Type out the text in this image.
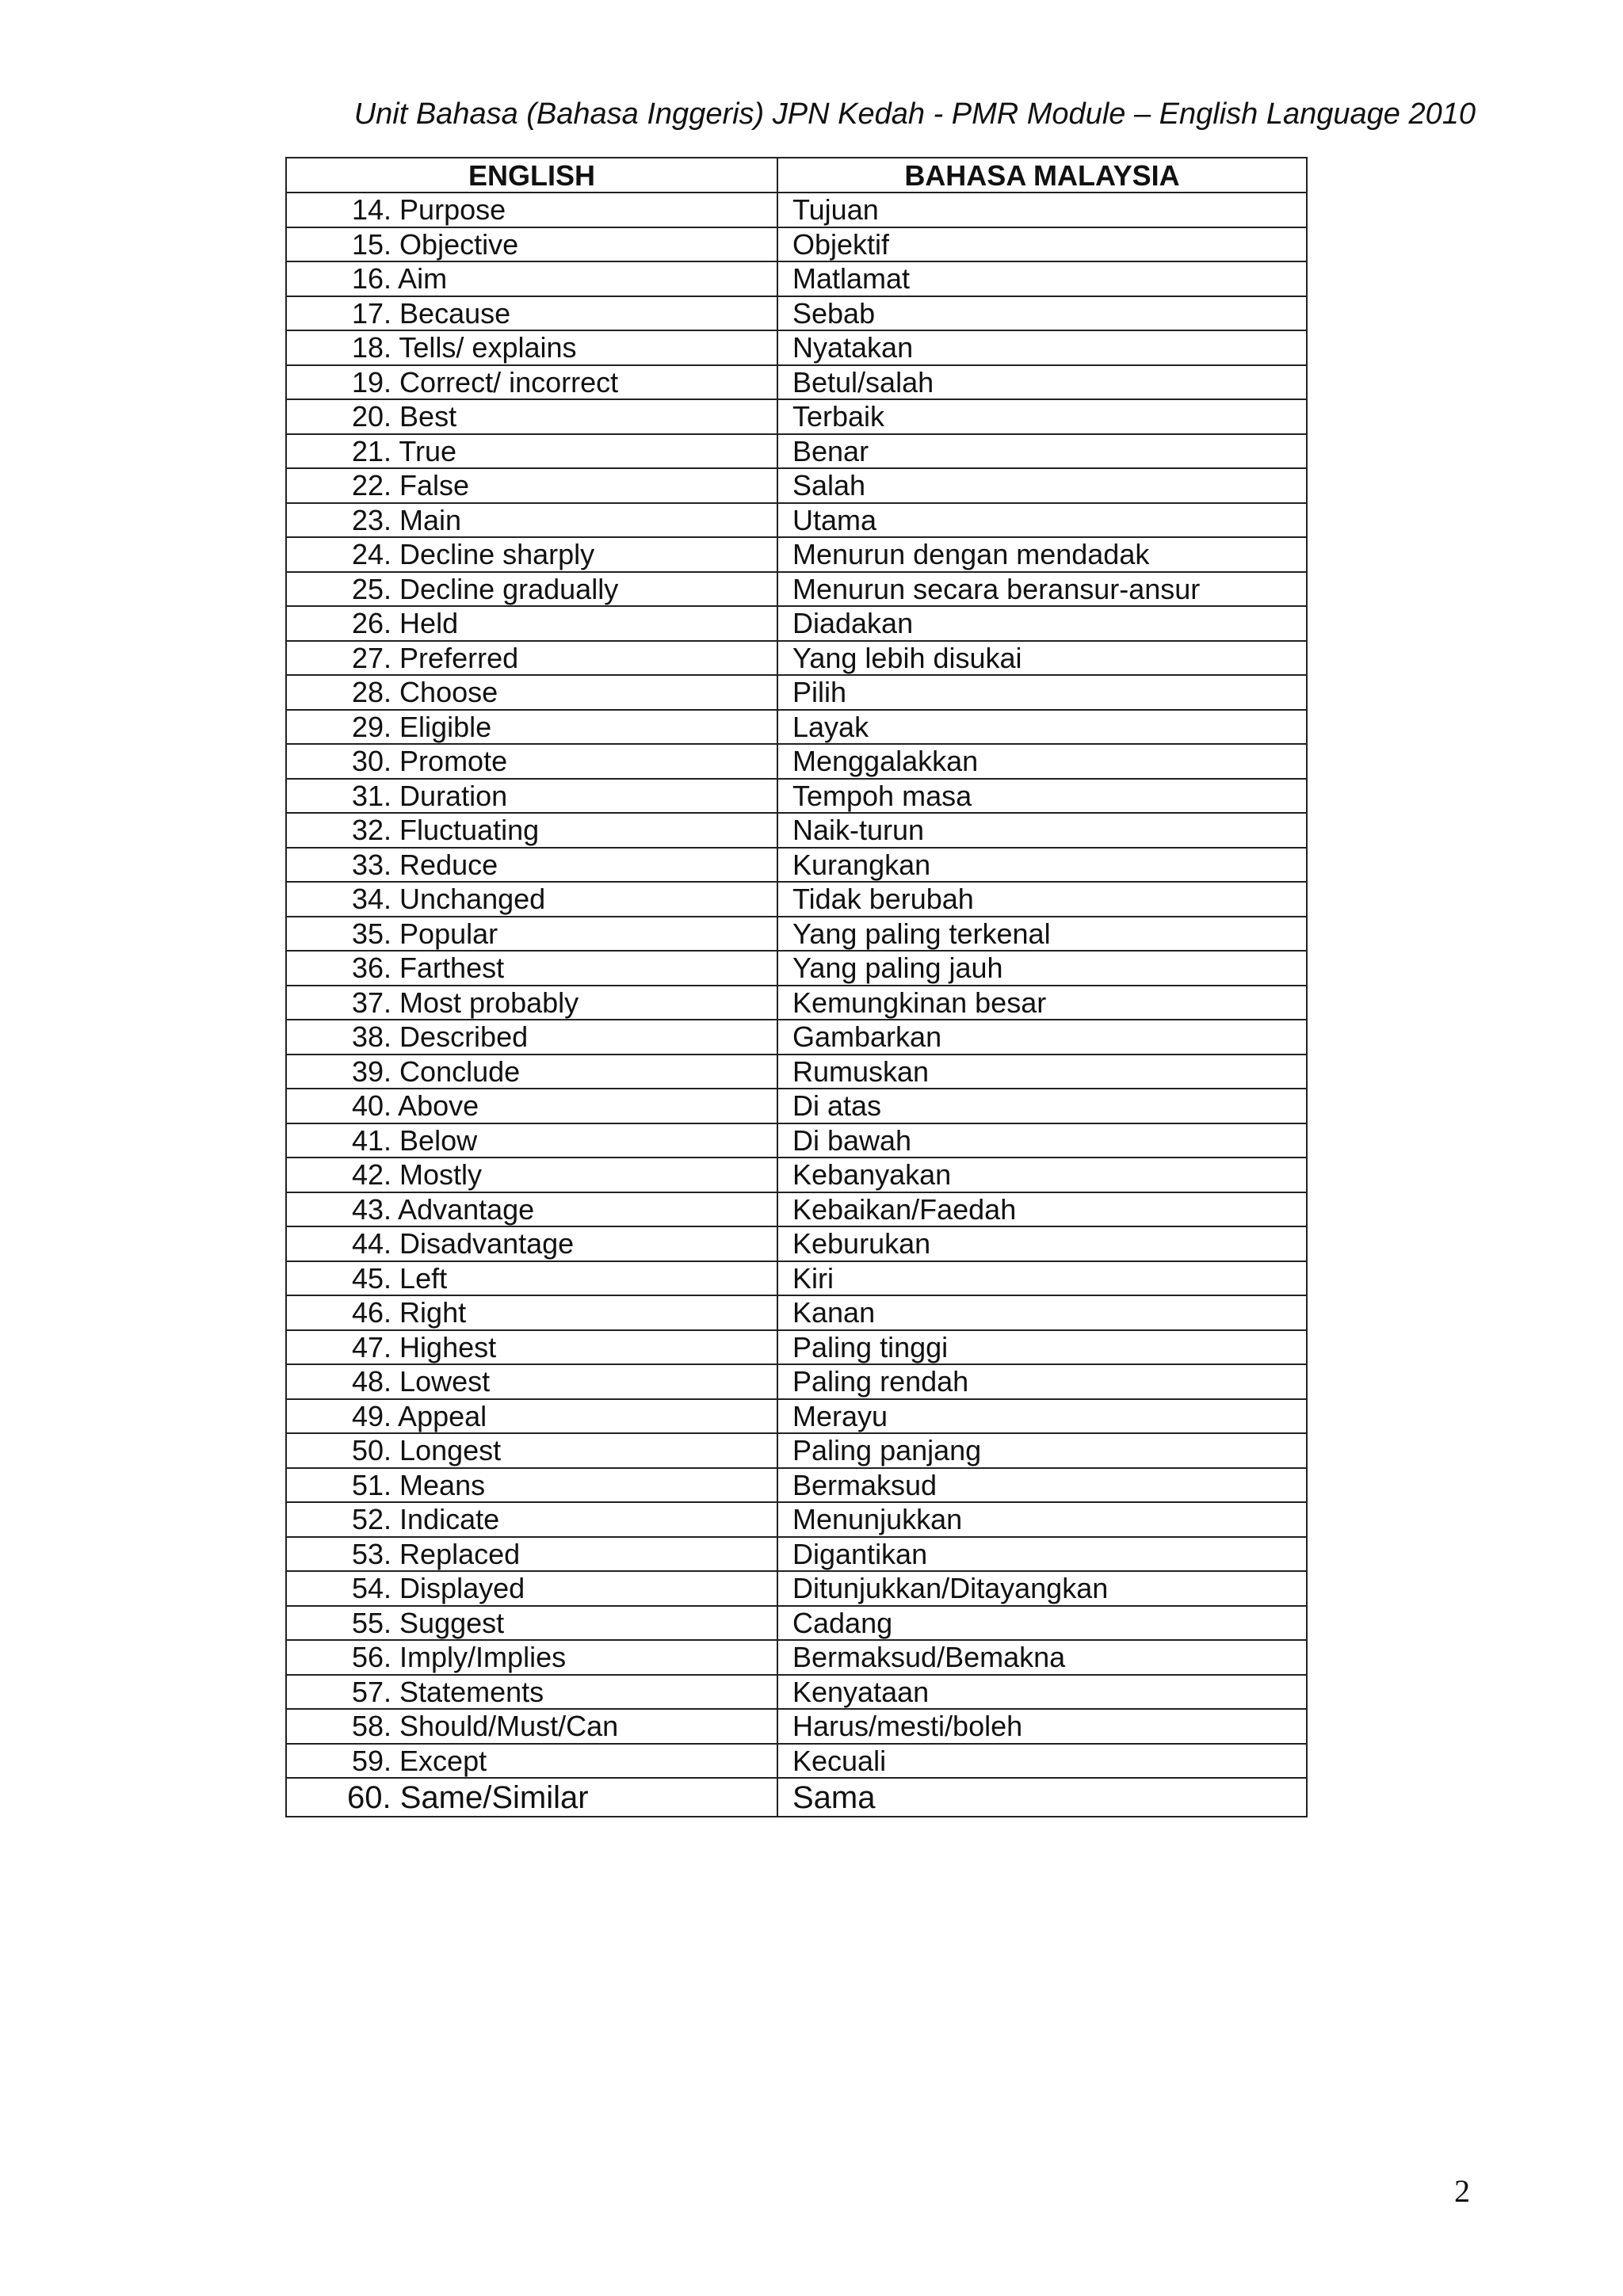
Unit Bahasa (Bahasa Inggeris) JPN Kedah - PMR Module – English Language 2010
ENGLISH	BAHASA MALAYSIA
14. Purpose	Tujuan
15. Objective	Objektif
16. Aim	Matlamat
17. Because	Sebab
18. Tells/ explains	Nyatakan
19. Correct/ incorrect	Betul/salah
20. Best	Terbaik
21. True	Benar
22. False	Salah
23. Main	Utama
24. Decline sharply	Menurun dengan mendadak
25. Decline gradually	Menurun secara beransur-ansur
26. Held	Diadakan
27. Preferred	Yang lebih disukai
28. Choose	Pilih
29. Eligible	Layak
30. Promote	Menggalakkan
31. Duration	Tempoh masa
32. Fluctuating	Naik-turun
33. Reduce	Kurangkan
34. Unchanged	Tidak berubah
35. Popular	Yang paling terkenal
36. Farthest	Yang paling jauh
37. Most probably	Kemungkinan besar
38. Described	Gambarkan
39. Conclude	Rumuskan
40. Above	Di atas
41. Below	Di bawah
42. Mostly	Kebanyakan
43. Advantage	Kebaikan/Faedah
44. Disadvantage	Keburukan
45. Left	Kiri
46. Right	Kanan
47. Highest	Paling tinggi
48. Lowest	Paling rendah
49. Appeal	Merayu
50. Longest	Paling panjang
51. Means	Bermaksud
52. Indicate	Menunjukkan
53. Replaced	Digantikan
54. Displayed	Ditunjukkan/Ditayangkan
55. Suggest	Cadang
56. Imply/Implies	Bermaksud/Bemakna
57. Statements	Kenyataan
58. Should/Must/Can	Harus/mesti/boleh
59. Except	Kecuali
60. Same/Similar	Sama
2
